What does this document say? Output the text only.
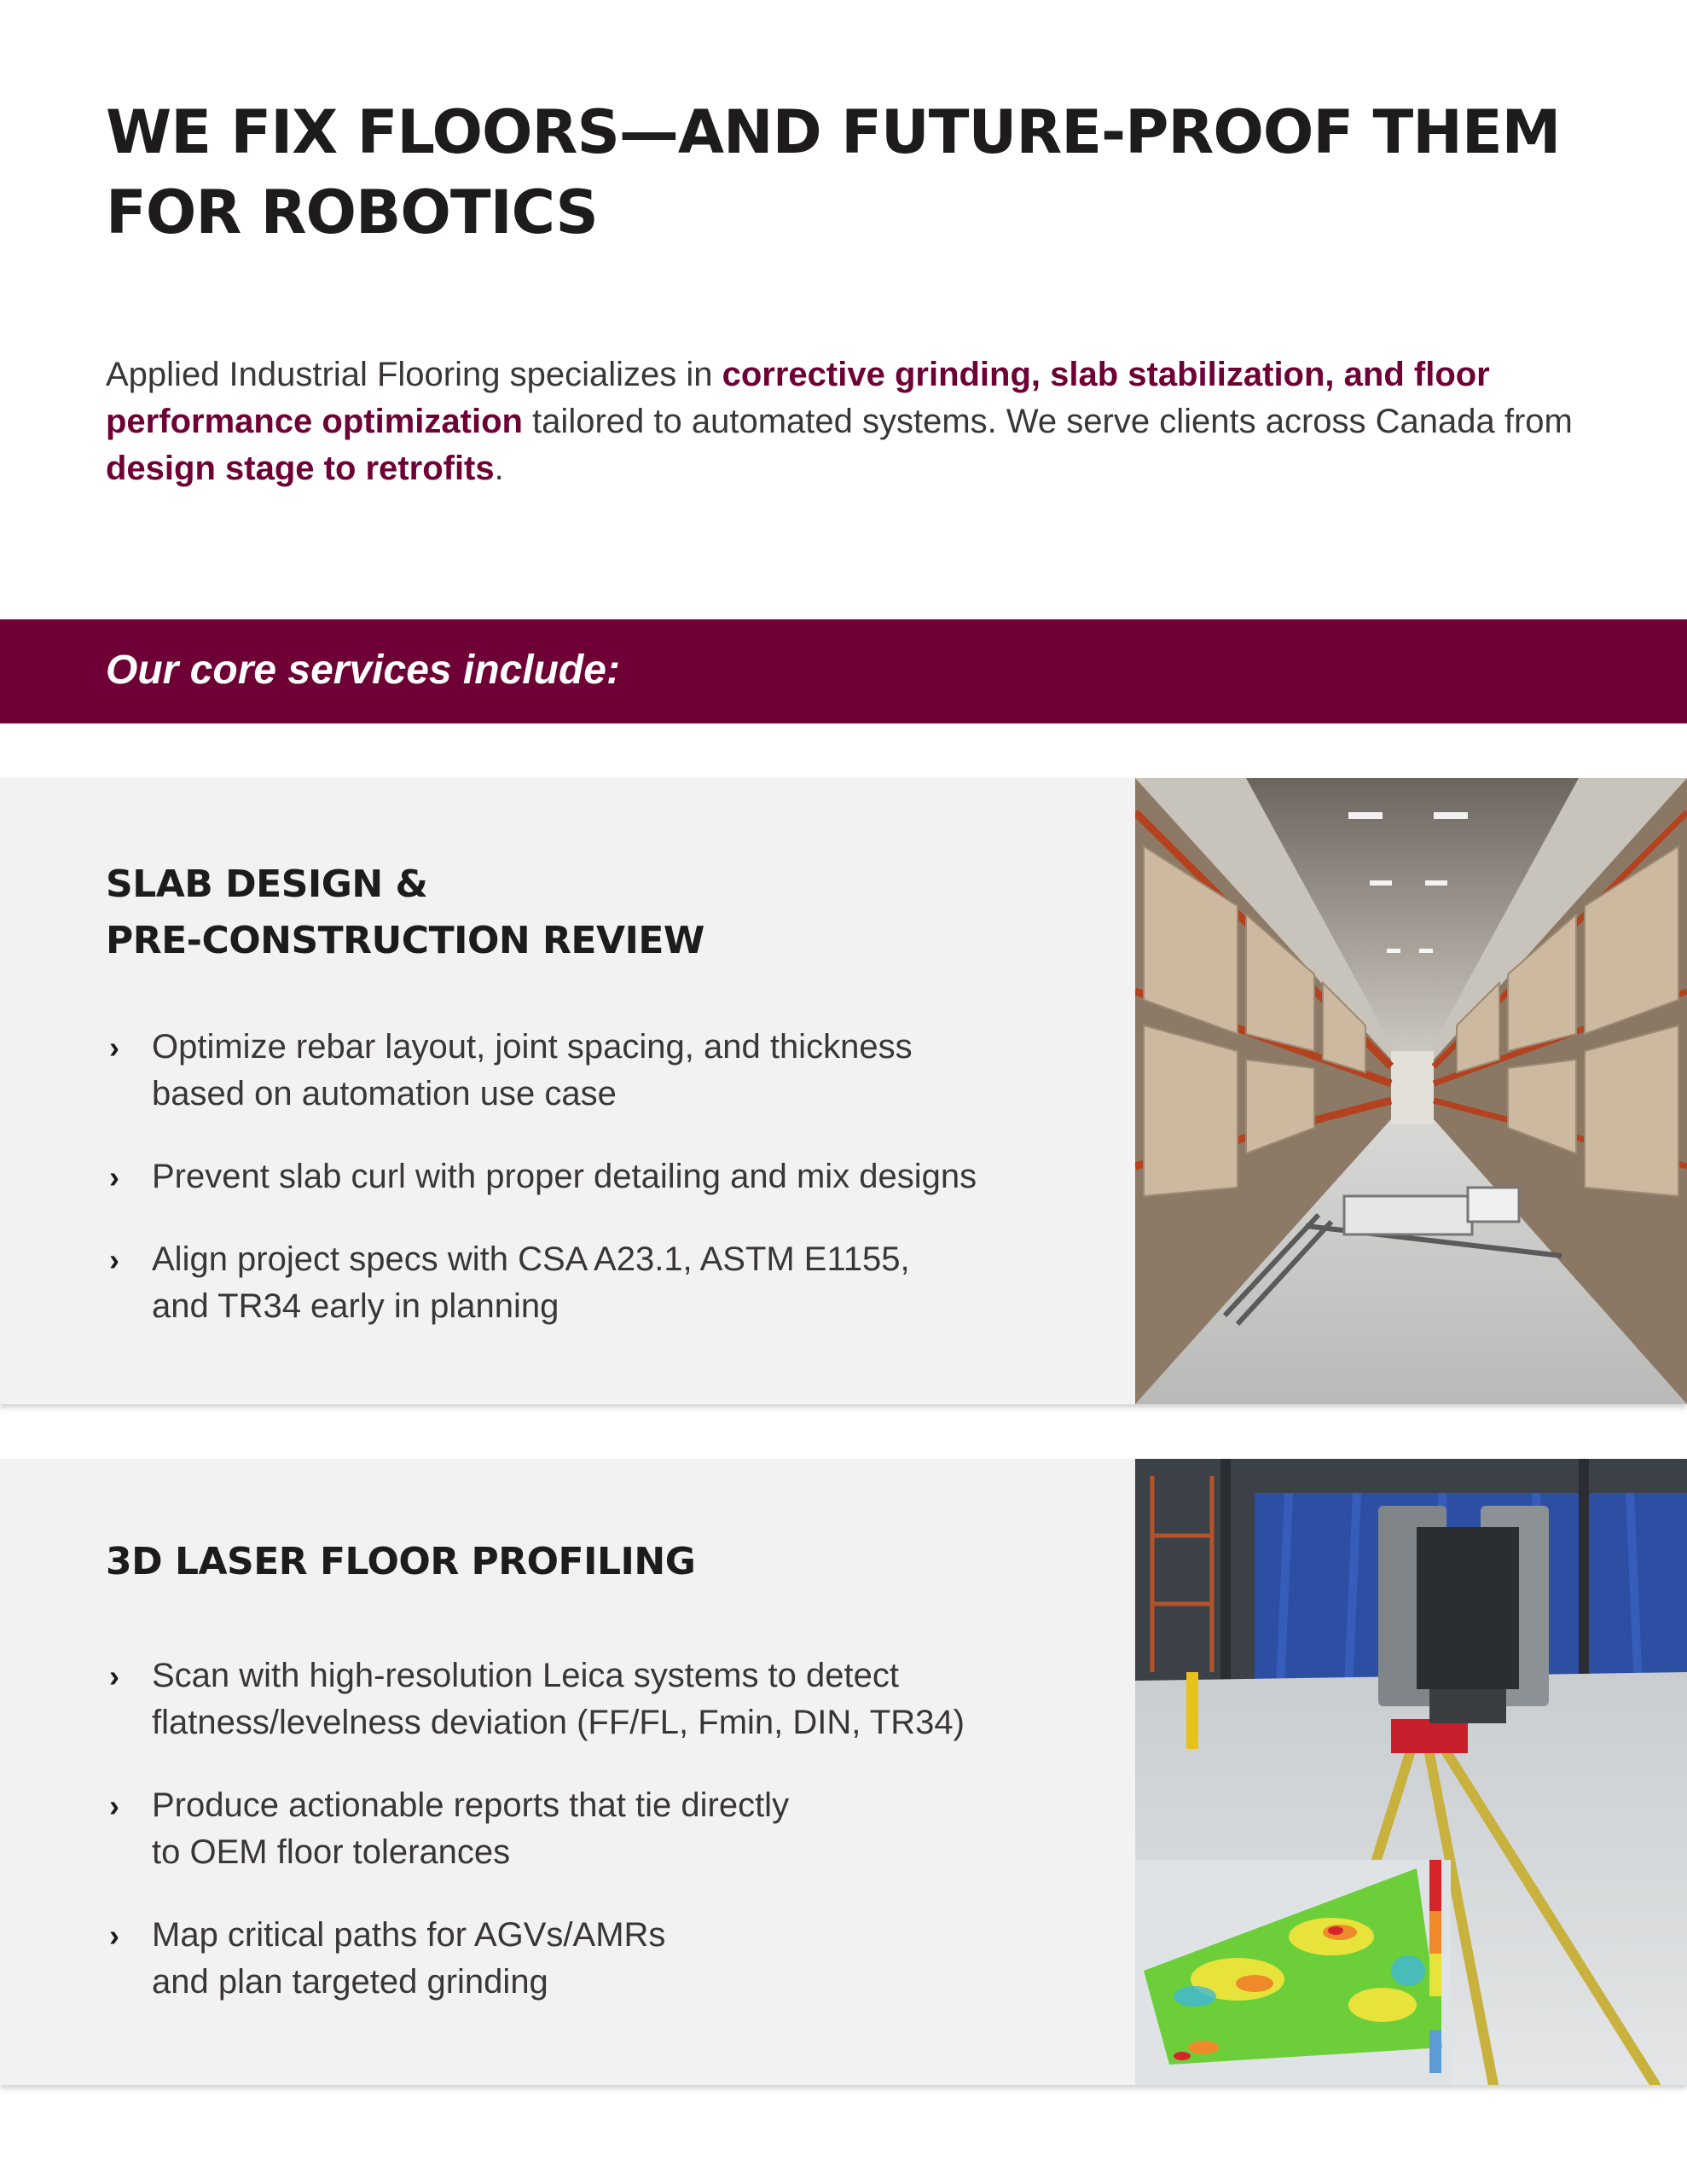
WE FIX FLOORS—AND FUTURE-PROOF THEM
FOR ROBOTICS

Applied Industrial Flooring specializes in corrective grinding, slab stabilization, and floor performance optimization tailored to automated systems. We serve clients across Canada from design stage to retrofits.

Our core services include:
SLAB DESIGN &
PRE-CONSTRUCTION REVIEW
› Optimize rebar layout, joint spacing, and thickness
based on automation use case
› Prevent slab curl with proper detailing and mix designs
› Align project specs with CSA A23.1, ASTM E1155,
and TR34 early in planning
3D LASER FLOOR PROFILING
› Scan with high-resolution Leica systems to detect
flatness/levelness deviation (FF/FL, Fmin, DIN, TR34)
› Produce actionable reports that tie directly
to OEM floor tolerances
› Map critical paths for AGVs/AMRs
and plan targeted grinding
